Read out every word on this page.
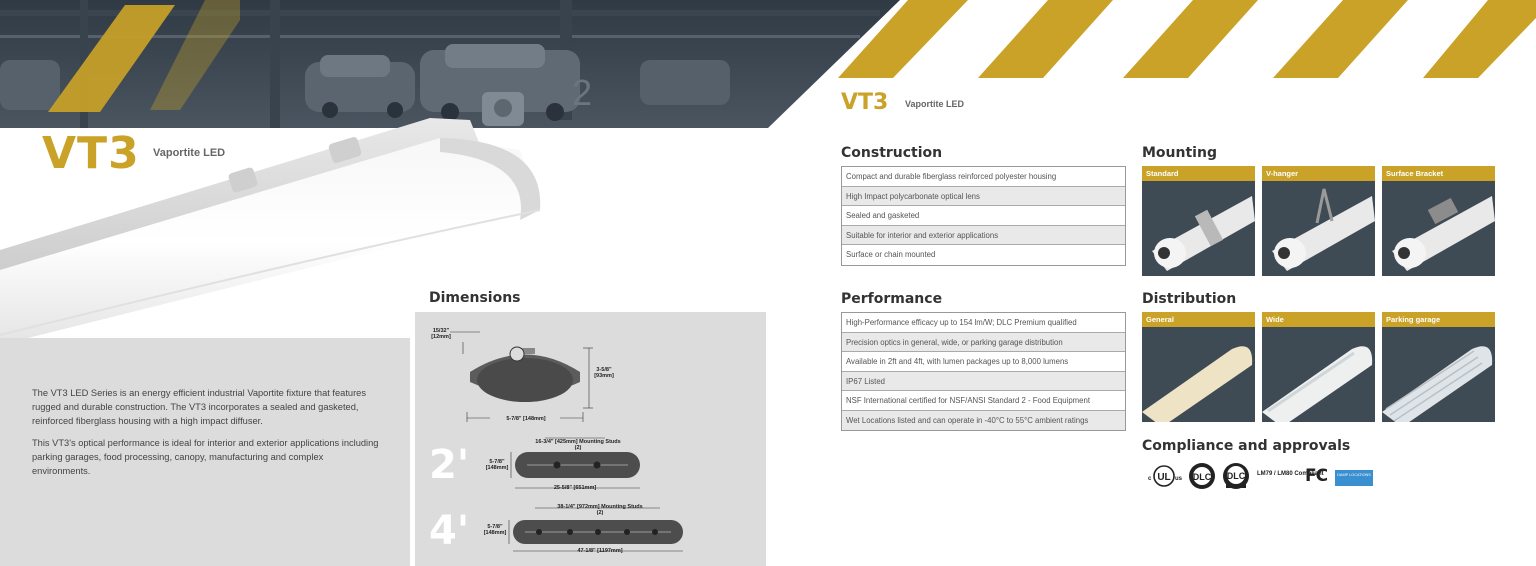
2
VT3 Vaportite LED

The VT3 LED Series is an energy efficient industrial Vaportite fixture that features rugged and durable construction. The VT3 incorporates a sealed and gasketed, reinforced fiberglass housing with a high impact diffuser.

This VT3's optical performance is ideal for interior and exterior applications including parking garages, food processing, canopy, manufacturing and complex environments.

Dimensions
15/32" [12mm]
3-5/8" [93mm]
5-7/8" [148mm]
2'	16-3/4" [425mm] Mounting Studs (2)
5-7/8" [148mm]
25-5/8" [651mm]
4'
38-1/4" [972mm] Mounting Studs (2)
5-7/8" [148mm]
47-1/8" [1197mm]
VT3 Vaportite LED
Construction
Compact and durable fiberglass reinforced polyester housing
High Impact polycarbonate optical lens
Sealed and gasketed
Suitable for interior and exterior applications
Surface or chain mounted
Performance
High-Performance efficacy up to 154 lm/W; DLC Premium qualified
Precision optics in general, wide, or parking garage distribution
Available in 2ft and 4ft, with lumen packages up to 8,000 lumens
IP67 Listed
NSF International certified for NSF/ANSI Standard 2 - Food Equipment
Wet Locations listed and can operate in -40°C to 55°C ambient ratings
Mounting
Standard	V-hanger	Surface Bracket
Distribution
General	Wide	Parking garage
Compliance and approvals
UL
c	us DLC DLC LM79 / LM80 Compliant
FC	DAMP LOCATIONS
